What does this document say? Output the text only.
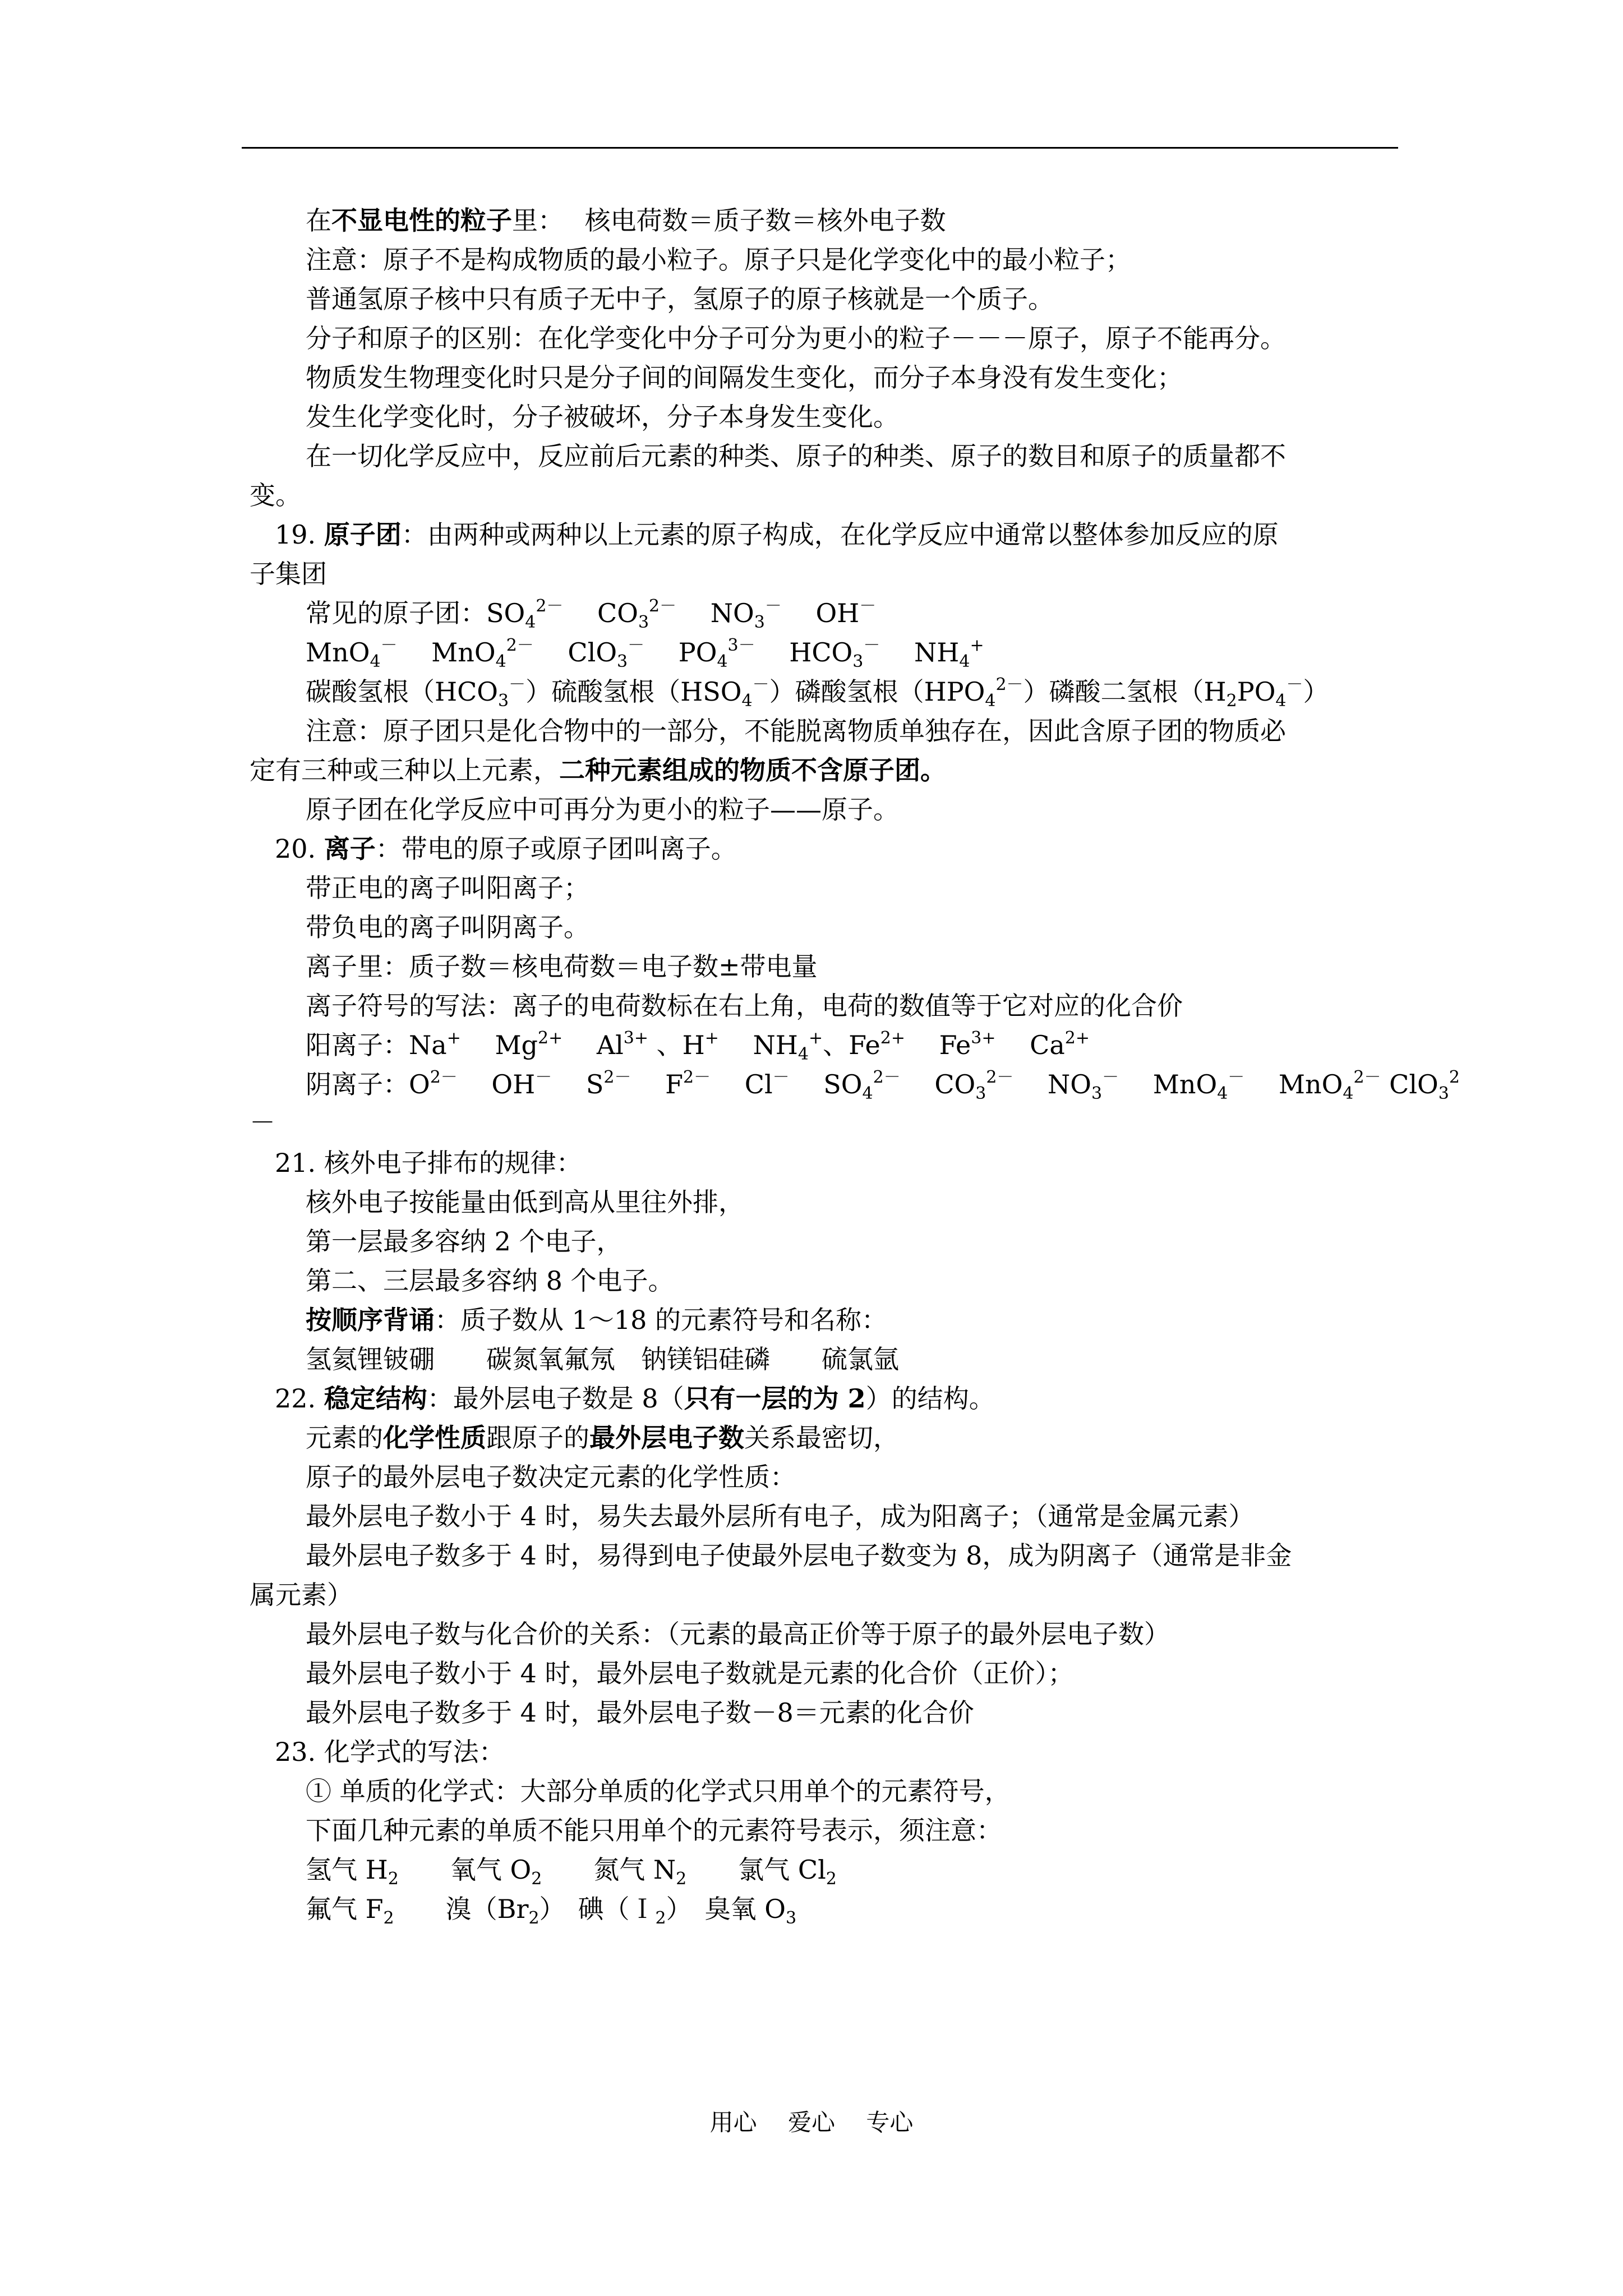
在不显电性的粒子里：　 核电荷数＝质子数＝核外电子数
注意：原子不是构成物质的最小粒子。原子只是化学变化中的最小粒子；
普通氢原子核中只有质子无中子，氢原子的原子核就是一个质子。
分子和原子的区别：在化学变化中分子可分为更小的粒子－－－原子，原子不能再分。
物质发生物理变化时只是分子间的间隔发生变化，而分子本身没有发生变化；
发生化学变化时，分子被破坏，分子本身发生变化。
在一切化学反应中，反应前后元素的种类、原子的种类、原子的数目和原子的质量都不
变。
19. 原子团：由两种或两种以上元素的原子构成，在化学反应中通常以整体参加反应的原
子集团
常见的原子团：$SO_4^{2-}$　 $CO_3^{2-}$　 $NO_3^-$　 OH－
MnO$_4$－　 MnO$_4^{2-}$　 ClO$_3$－　 $PO_4^{3-}$　 $HCO_3^-$　 $NH_4^+$
碳酸氢根$(HCO_3^-)$硫酸氢根$(HSO_4^-)$磷酸氢根$(HPO_4^{2-})$磷酸二氢根$(H_2PO_4^-)$
注意：原子团只是化合物中的一部分，不能脱离物质单独存在，因此含原子团的物质必
定有三种或三种以上元素，二种元素组成的物质不含原子团。
原子团在化学反应中可再分为更小的粒子——原子。
20. 离子：带电的原子或原子团叫离子。
带正电的离子叫阳离子；
带负电的离子叫阴离子。
离子里：质子数＝核电荷数＝电子数±带电量
离子符号的写法：离子的电荷数标在右上角，电荷的数值等于它对应的化合价
阳离子：Na+　 $Mg^{2+}$　 $Al^{3+}$ 、H+　 $NH_4^+$、$Fe^{2+}$　 $Fe^{3+}$　 $Ca^{2+}$
阴离子：$O^{2-}$　 OH－　 $S^{2-}$　 $F^{2-}$　 Cl－　 $SO_4^{2-}$　 $CO_3^{2-}$　 $NO_3^-$　 MnO$_4$－　 MnO$_4^{2-}$ ClO$_3^2$
－
21. 核外电子排布的规律：
核外电子按能量由低到高从里往外排，
第一层最多容纳 2 个电子，
第二、三层最多容纳 8 个电子。
按顺序背诵：质子数从 1～18 的元素符号和名称：
氢氦锂铍硼　　碳氮氧氟氖　钠镁铝硅磷　　硫氯氩
22. 稳定结构：最外层电子数是 8（只有一层的为 2）的结构。
元素的化学性质跟原子的最外层电子数关系最密切，
原子的最外层电子数决定元素的化学性质：
最外层电子数小于 4 时，易失去最外层所有电子，成为阳离子；（通常是金属元素）
最外层电子数多于 4 时，易得到电子使最外层电子数变为 8，成为阴离子（通常是非金
属元素）
最外层电子数与化合价的关系：（元素的最高正价等于原子的最外层电子数）
最外层电子数小于 4 时，最外层电子数就是元素的化合价（正价）；
最外层电子数多于 4 时，最外层电子数－8＝元素的化合价
23. 化学式的写法：
① 单质的化学式：大部分单质的化学式只用单个的元素符号，
下面几种元素的单质不能只用单个的元素符号表示，须注意：
氢气 $H_2$　　氧气 $O_2$　　氮气 $N_2$　　氯气 $Cl_2$
氟气 $F_2$　　溴$(Br_2)$　碘（Ｉ$_2$）　臭氧 $O_3$
用心　 爱心　 专心
